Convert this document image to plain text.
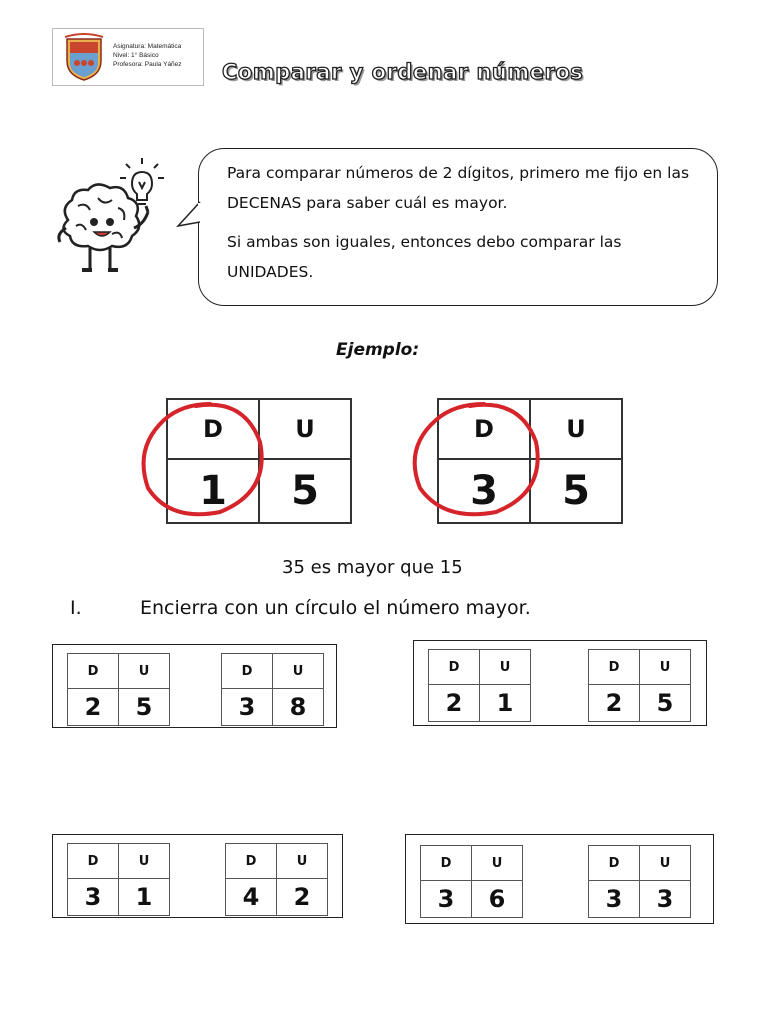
Asignatura: Matemática
Nivel: 1° Básico
Profesora: Paula Yáñez Comparar y ordenar números

Para comparar números de 2 dígitos, primero me fijo en las DECENAS para saber cuál es mayor.

Si ambas son iguales, entonces debo comparar las UNIDADES.

Ejemplo:
D	U
1	5
D	U
3	5
35 es mayor que 15
I.	Encierra con un círculo el número mayor.
D	U
2	5
D	U
3	8
D	U
2	1
D	U
2	5
D	U
3	1
D	U
4	2
D	U
3	6
D	U
3	3
